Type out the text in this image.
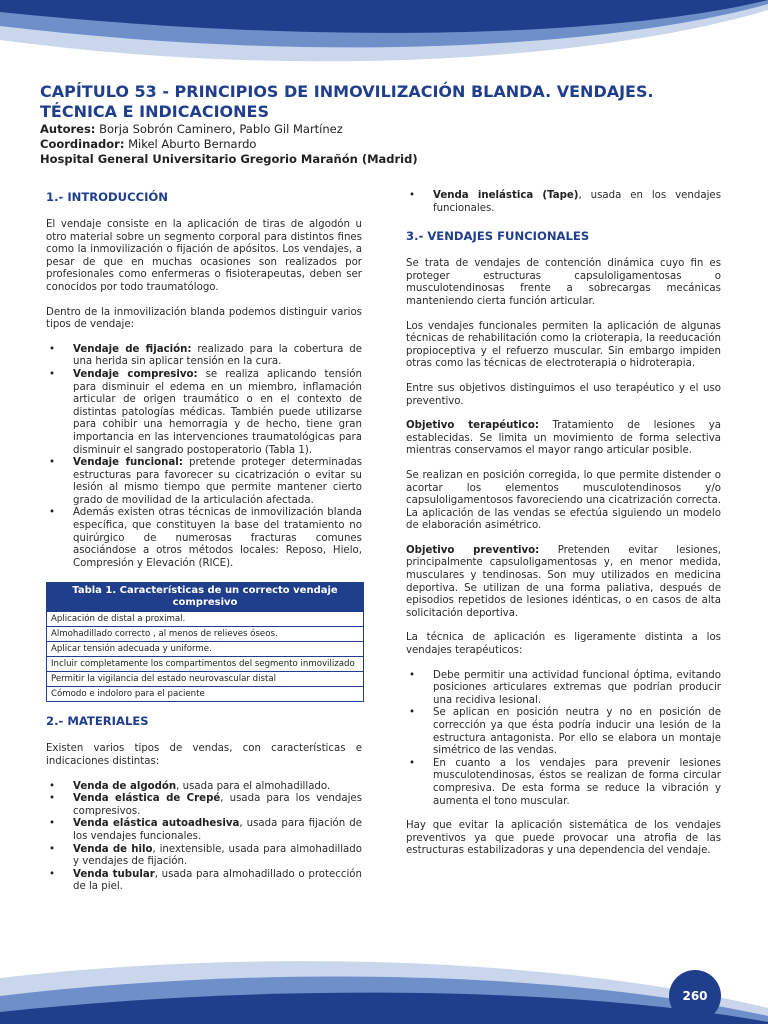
CAPÍTULO 53 - PRINCIPIOS DE INMOVILIZACIÓN BLANDA. VENDAJES.

TÉCNICA E INDICACIONES

Autores: Borja Sobrón Caminero, Pablo Gil Martínez

Coordinador: Mikel Aburto Bernardo

Hospital General Universitario Gregorio Marañón (Madrid)

1.- INTRODUCCIÓN

El vendaje consiste en la aplicación de tiras de algodón u otro material sobre un segmento corporal para distintos fines como la inmovilización o fijación de apósitos. Los vendajes, a pesar de que en muchas ocasiones son realizados por profesionales como enfermeras o fisioterapeutas, deben ser conocidos por todo traumatólogo.

Dentro de la inmovilización blanda podemos distinguir varios tipos de vendaje:

• Vendaje de fijación: realizado para la cobertura de una herida sin aplicar tensión en la cura.
• Vendaje compresivo: se realiza aplicando tensión para disminuir el edema en un miembro, inflamación articular de origen traumático o en el contexto de distintas patologías médicas. También puede utilizarse para cohibir una hemorragia y de hecho, tiene gran importancia en las intervenciones traumatológicas para disminuir el sangrado postoperatorio (Tabla 1).
• Vendaje funcional: pretende proteger determinadas estructuras para favorecer su cicatrización o evitar su lesión al mismo tiempo que permite mantener cierto grado de movilidad de la articulación afectada.
• Además existen otras técnicas de inmovilización blanda específica, que constituyen la base del tratamiento no quirúrgico de numerosas fracturas comunes asociándose a otros métodos locales: Reposo, Hielo, Compresión y Elevación (RICE).
Tabla 1. Características de un correcto vendaje compresivo
Aplicación de distal a proximal.
Almohadillado correcto , al menos de relieves óseos.
Aplicar tensión adecuada y uniforme.
Incluir completamente los compartimentos del segmento inmovilizado
Permitir la vigilancia del estado neurovascular distal
Cómodo e indoloro para el paciente
2.- MATERIALES

Existen varios tipos de vendas, con características e indicaciones distintas:

• Venda de algodón, usada para el almohadillado.
• Venda elástica de Crepé, usada para los vendajes compresivos.
• Venda elástica autoadhesiva, usada para fijación de los vendajes funcionales.
• Venda de hilo, inextensible, usada para almohadillado y vendajes de fijación.
• Venda tubular, usada para almohadillado o protección de la piel.
• Venda inelástica (Tape), usada en los vendajes funcionales.
3.- VENDAJES FUNCIONALES

Se trata de vendajes de contención dinámica cuyo fin es proteger estructuras capsuloligamentosas o musculotendinosas frente a sobrecargas mecánicas manteniendo cierta función articular.

Los vendajes funcionales permiten la aplicación de algunas técnicas de rehabilitación como la crioterapia, la reeducación propioceptiva y el refuerzo muscular. Sin embargo impiden otras como las técnicas de electroterapia o hidroterapia.

Entre sus objetivos distinguimos el uso terapéutico y el uso preventivo.

Objetivo terapéutico: Tratamiento de lesiones ya establecidas. Se limita un movimiento de forma selectiva mientras conservamos el mayor rango articular posible.

Se realizan en posición corregida, lo que permite distender o acortar los elementos musculotendinosos y/o capsuloligamentosos favoreciendo una cicatrización correcta. La aplicación de las vendas se efectúa siguiendo un modelo de elaboración asimétrico.

Objetivo preventivo: Pretenden evitar lesiones, principalmente capsuloligamentosas y, en menor medida, musculares y tendinosas. Son muy utilizados en medicina deportiva. Se utilizan de una forma paliativa, después de episodios repetidos de lesiones idénticas, o en casos de alta solicitación deportiva.

La técnica de aplicación es ligeramente distinta a los vendajes terapéuticos:

• Debe permitir una actividad funcional óptima, evitando posiciones articulares extremas que podrían producir una recidiva lesional.
• Se aplican en posición neutra y no en posición de corrección ya que ésta podría inducir una lesión de la estructura antagonista. Por ello se elabora un montaje simétrico de las vendas.
• En cuanto a los vendajes para prevenir lesiones musculotendinosas, éstos se realizan de forma circular compresiva. De esta forma se reduce la vibración y aumenta el tono muscular.

Hay que evitar la aplicación sistemática de los vendajes preventivos ya que puede provocar una atrofia de las estructuras estabilizadoras y una dependencia del vendaje.

260
